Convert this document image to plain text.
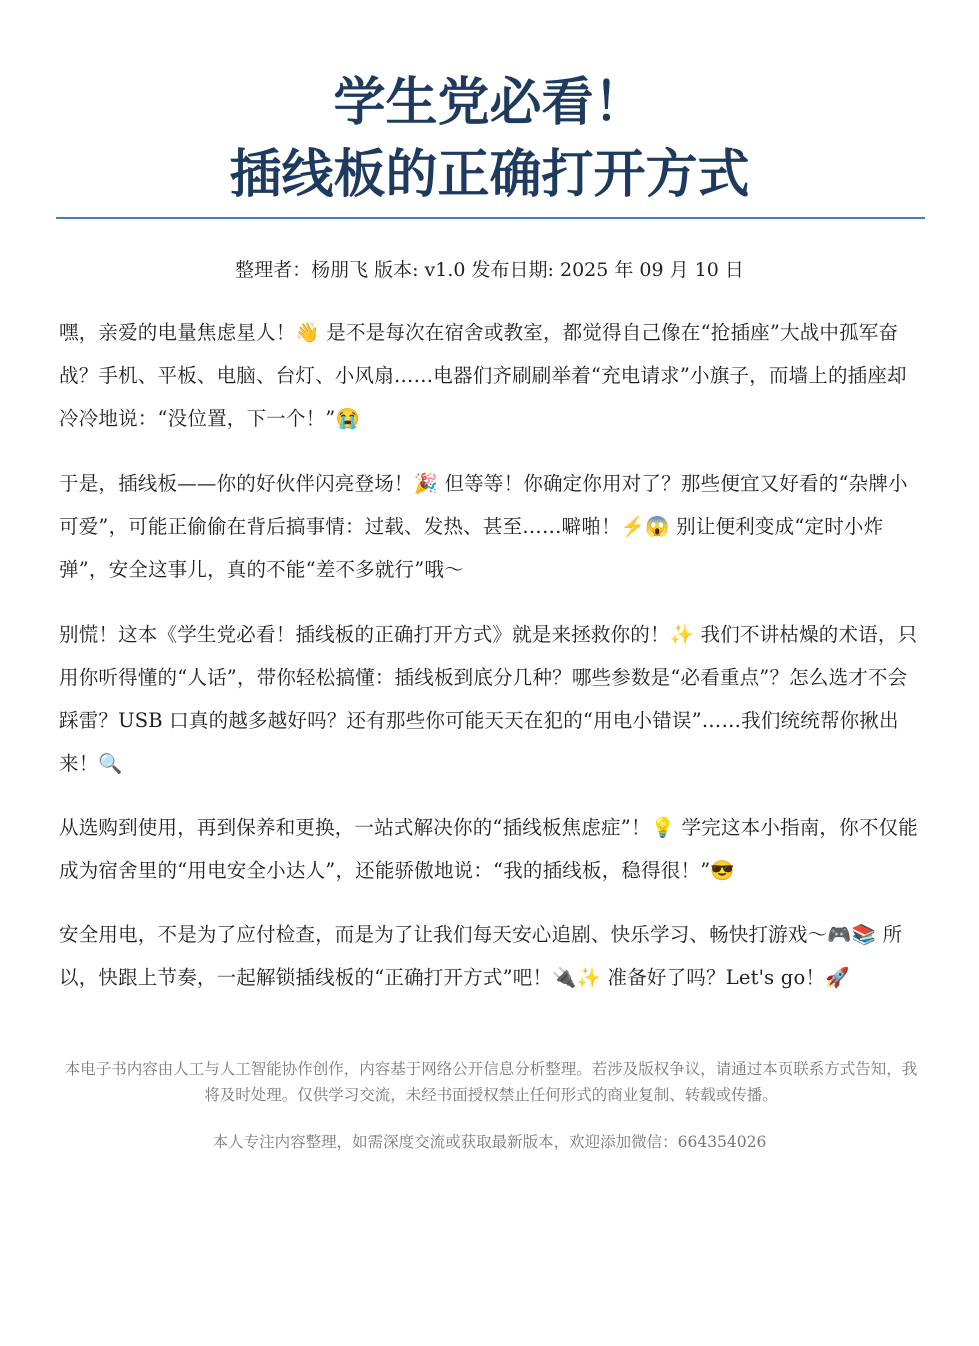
学生党必看！
插线板的正确打开方式
整理者：杨朋飞 版本: v1.0 发布日期: 2025 年 09 月 10 日

嘿，亲爱的电量焦虑星人！👋 是不是每次在宿舍或教室，都觉得自己像在“抢插座”大战中孤军奋战？手机、平板、电脑、台灯、小风扇……电器们齐刷刷举着“充电请求”小旗子，而墙上的插座却冷冷地说：“没位置，下一个！”😭

于是，插线板——你的好伙伴闪亮登场！🎉 但等等！你确定你用对了？那些便宜又好看的“杂牌小可爱”，可能正偷偷在背后搞事情：过载、发热、甚至……噼啪！⚡😱 别让便利变成“定时小炸弹”，安全这事儿，真的不能“差不多就行”哦～

别慌！这本《学生党必看！插线板的正确打开方式》就是来拯救你的！✨ 我们不讲枯燥的术语，只用你听得懂的“人话”，带你轻松搞懂：插线板到底分几种？哪些参数是“必看重点”？怎么选才不会踩雷？USB 口真的越多越好吗？还有那些你可能天天在犯的“用电小错误”……我们统统帮你揪出来！🔍

从选购到使用，再到保养和更换，一站式解决你的“插线板焦虑症”！💡 学完这本小指南，你不仅能成为宿舍里的“用电安全小达人”，还能骄傲地说：“我的插线板，稳得很！”😎

安全用电，不是为了应付检查，而是为了让我们每天安心追剧、快乐学习、畅快打游戏～🎮📚 所以，快跟上节奏，一起解锁插线板的“正确打开方式”吧！🔌✨ 准备好了吗？Let's go！🚀

本电子书内容由人工与人工智能协作创作，内容基于网络公开信息分析整理。若涉及版权争议，请通过本页联系方式告知，我将及时处理。仅供学习交流，未经书面授权禁止任何形式的商业复制、转载或传播。

本人专注内容整理，如需深度交流或获取最新版本，欢迎添加微信：664354026
